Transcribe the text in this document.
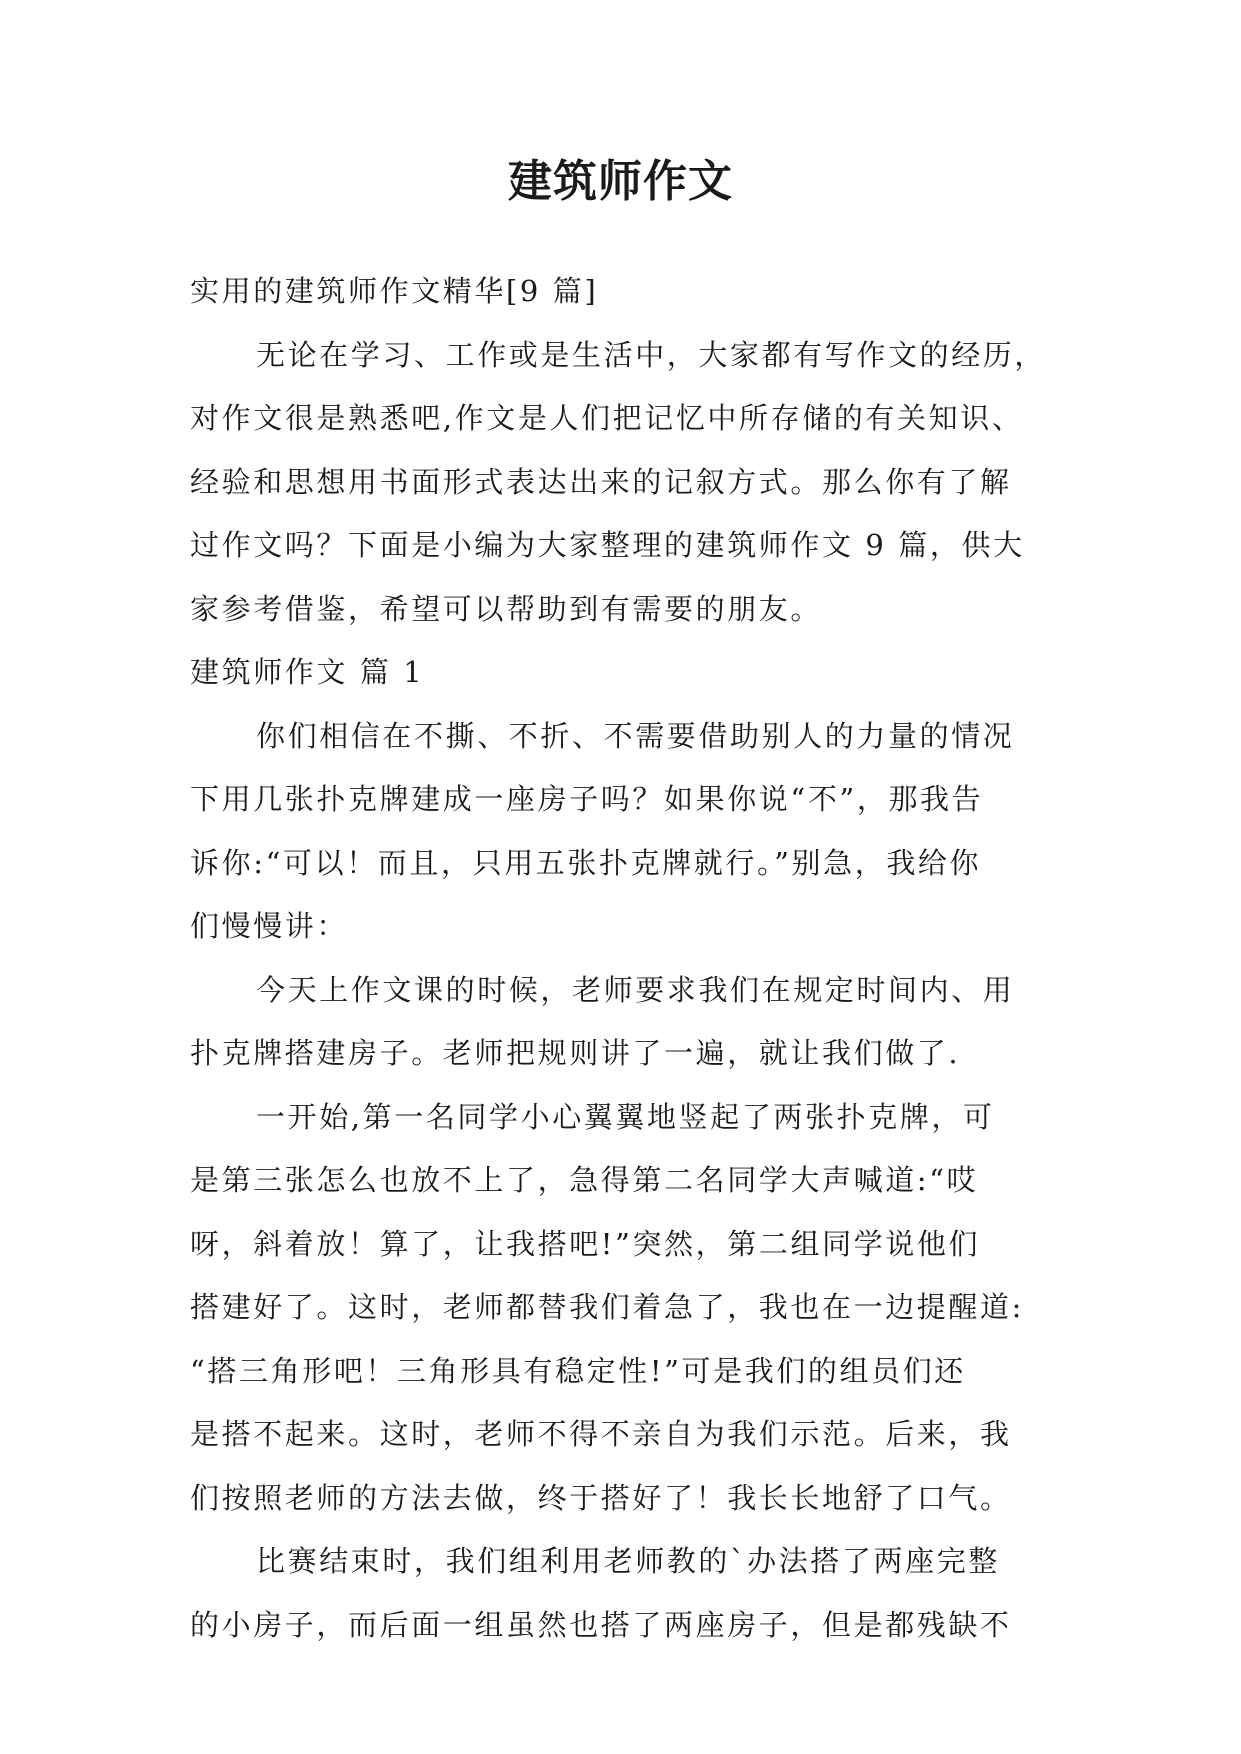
建筑师作文
实用的建筑师作文精华[9 篇]
无论在学习、工作或是生活中，大家都有写作文的经历，
对作文很是熟悉吧,作文是人们把记忆中所存储的有关知识、
经验和思想用书面形式表达出来的记叙方式。那么你有了解
过作文吗？下面是小编为大家整理的建筑师作文 9 篇，供大
家参考借鉴，希望可以帮助到有需要的朋友。
建筑师作文 篇 1
你们相信在不撕、不折、不需要借助别人的力量的情况
下用几张扑克牌建成一座房子吗？如果你说“不”，那我告
诉你:“可以！而且，只用五张扑克牌就行。”别急，我给你
们慢慢讲：
今天上作文课的时候，老师要求我们在规定时间内、用
扑克牌搭建房子。老师把规则讲了一遍，就让我们做了.
一开始,第一名同学小心翼翼地竖起了两张扑克牌，可
是第三张怎么也放不上了，急得第二名同学大声喊道:“哎
呀，斜着放！算了，让我搭吧!”突然，第二组同学说他们
搭建好了。这时，老师都替我们着急了，我也在一边提醒道:
“搭三角形吧！三角形具有稳定性!”可是我们的组员们还
是搭不起来。这时，老师不得不亲自为我们示范。后来，我
们按照老师的方法去做，终于搭好了！我长长地舒了口气。
比赛结束时，我们组利用老师教的`办法搭了两座完整
的小房子，而后面一组虽然也搭了两座房子，但是都残缺不
